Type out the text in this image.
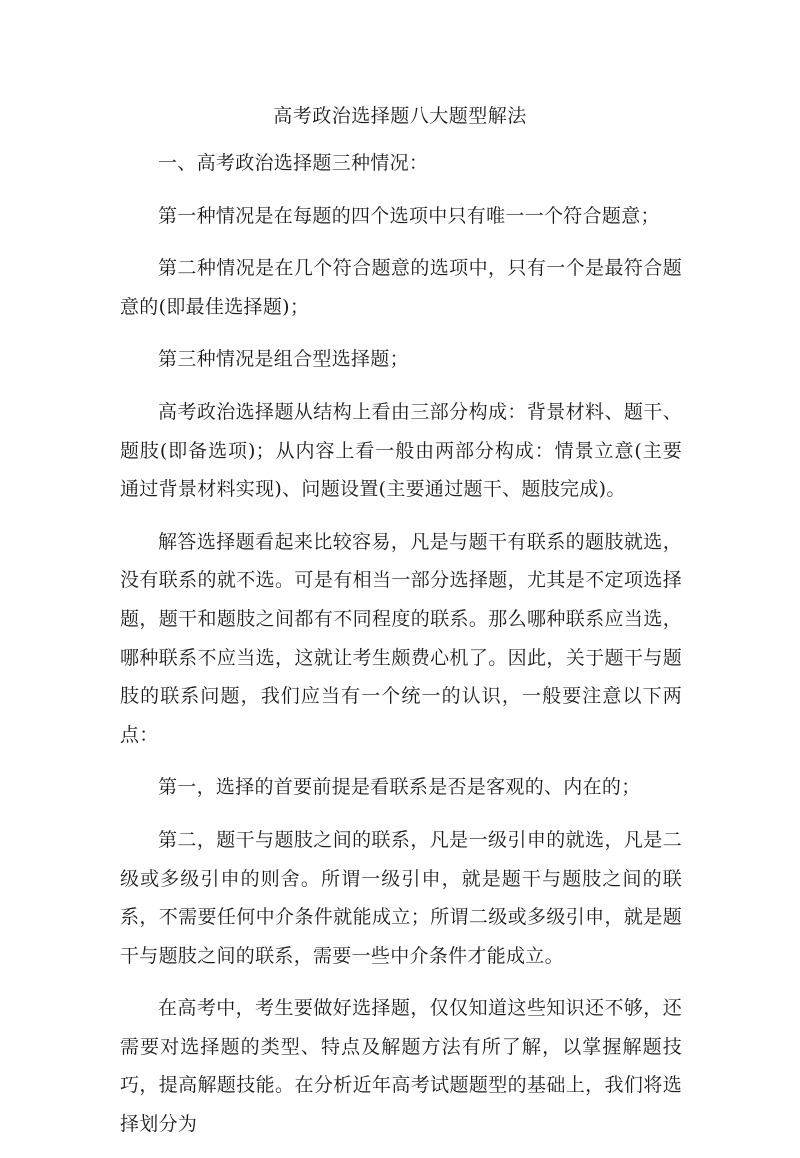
高考政治选择题八大题型解法

一、高考政治选择题三种情况：

第一种情况是在每题的四个选项中只有唯一一个符合题意；

第二种情况是在几个符合题意的选项中，只有一个是最符合题意的(即最佳选择题)；

第三种情况是组合型选择题；

高考政治选择题从结构上看由三部分构成：背景材料、题干、题肢(即备选项)；从内容上看一般由两部分构成：情景立意(主要通过背景材料实现)、问题设置(主要通过题干、题肢完成)。

解答选择题看起来比较容易，凡是与题干有联系的题肢就选，没有联系的就不选。可是有相当一部分选择题，尤其是不定项选择题，题干和题肢之间都有不同程度的联系。那么哪种联系应当选，哪种联系不应当选，这就让考生颇费心机了。因此，关于题干与题肢的联系问题，我们应当有一个统一的认识，一般要注意以下两点：

第一，选择的首要前提是看联系是否是客观的、内在的；

第二，题干与题肢之间的联系，凡是一级引申的就选，凡是二级或多级引申的则舍。所谓一级引申，就是题干与题肢之间的联系，不需要任何中介条件就能成立；所谓二级或多级引申，就是题干与题肢之间的联系，需要一些中介条件才能成立。

在高考中，考生要做好选择题，仅仅知道这些知识还不够，还需要对选择题的类型、特点及解题方法有所了解，以掌握解题技巧，提高解题技能。在分析近年高考试题题型的基础上，我们将选择划分为
